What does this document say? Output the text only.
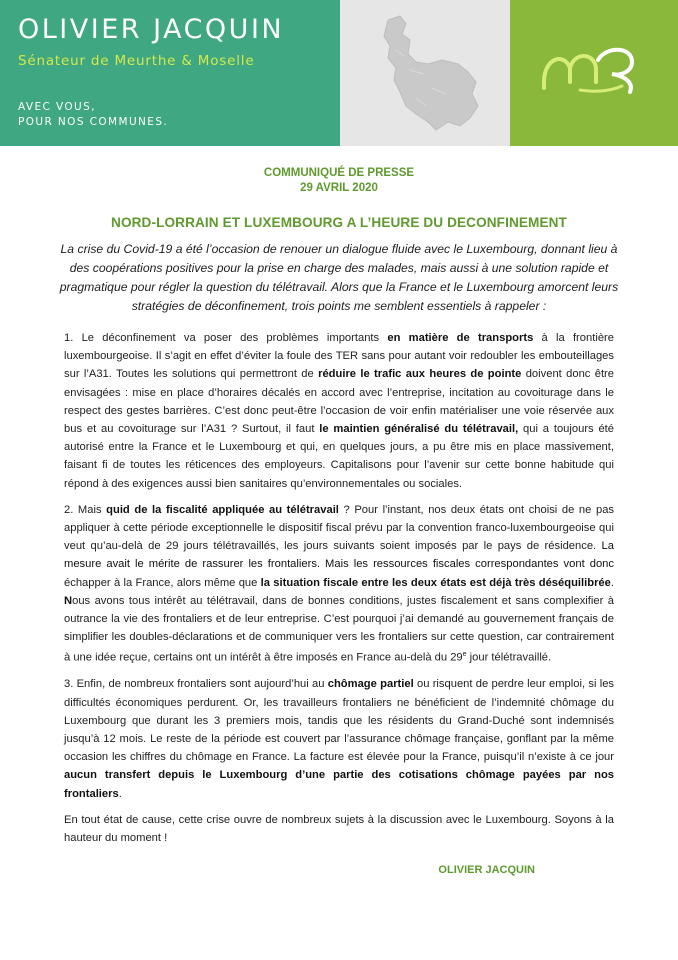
OLIVIER JACQUIN
Sénateur de Meurthe & Moselle
AVEC VOUS,
POUR NOS COMMUNES.
COMMUNIQUÉ DE PRESSE
29 AVRIL 2020
NORD-LORRAIN ET LUXEMBOURG A L’HEURE DU DECONFINEMENT
La crise du Covid-19 a été l’occasion de renouer un dialogue fluide avec le Luxembourg, donnant lieu à des coopérations positives pour la prise en charge des malades, mais aussi à une solution rapide et pragmatique pour régler la question du télétravail. Alors que la France et le Luxembourg amorcent leurs stratégies de déconfinement, trois points me semblent essentiels à rappeler :
1. Le déconfinement va poser des problèmes importants en matière de transports à la frontière luxembourgeoise. Il s’agit en effet d’éviter la foule des TER sans pour autant voir redoubler les embouteillages sur l’A31. Toutes les solutions qui permettront de réduire le trafic aux heures de pointe doivent donc être envisagées : mise en place d’horaires décalés en accord avec l’entreprise, incitation au covoiturage dans le respect des gestes barrières. C’est donc peut-être l’occasion de voir enfin matérialiser une voie réservée aux bus et au covoiturage sur l’A31 ? Surtout, il faut le maintien généralisé du télétravail, qui a toujours été autorisé entre la France et le Luxembourg et qui, en quelques jours, a pu être mis en place massivement, faisant fi de toutes les réticences des employeurs. Capitalisons pour l’avenir sur cette bonne habitude qui répond à des exigences aussi bien sanitaires qu’environnementales ou sociales.
2. Mais quid de la fiscalité appliquée au télétravail ? Pour l’instant, nos deux états ont choisi de ne pas appliquer à cette période exceptionnelle le dispositif fiscal prévu par la convention franco-luxembourgeoise qui veut qu’au-delà de 29 jours télétravaillés, les jours suivants soient imposés par le pays de résidence. La mesure avait le mérite de rassurer les frontaliers. Mais les ressources fiscales correspondantes vont donc échapper à la France, alors même que la situation fiscale entre les deux états est déjà très déséquilibrée. Nous avons tous intérêt au télétravail, dans de bonnes conditions, justes fiscalement et sans complexifier à outrance la vie des frontaliers et de leur entreprise. C’est pourquoi j’ai demandé au gouvernement français de simplifier les doubles-déclarations et de communiquer vers les frontaliers sur cette question, car contrairement à une idée reçue, certains ont un intérêt à être imposés en France au-delà du 29e jour télétravaillé.
3. Enfin, de nombreux frontaliers sont aujourd’hui au chômage partiel ou risquent de perdre leur emploi, si les difficultés économiques perdurent. Or, les travailleurs frontaliers ne bénéficient de l’indemnité chômage du Luxembourg que durant les 3 premiers mois, tandis que les résidents du Grand-Duché sont indemnisés jusqu’à 12 mois. Le reste de la période est couvert par l’assurance chômage française, gonflant par la même occasion les chiffres du chômage en France. La facture est élevée pour la France, puisqu’il n’existe à ce jour aucun transfert depuis le Luxembourg d’une partie des cotisations chômage payées par nos frontaliers.
En tout état de cause, cette crise ouvre de nombreux sujets à la discussion avec le Luxembourg. Soyons à la hauteur du moment !
OLIVIER JACQUIN
